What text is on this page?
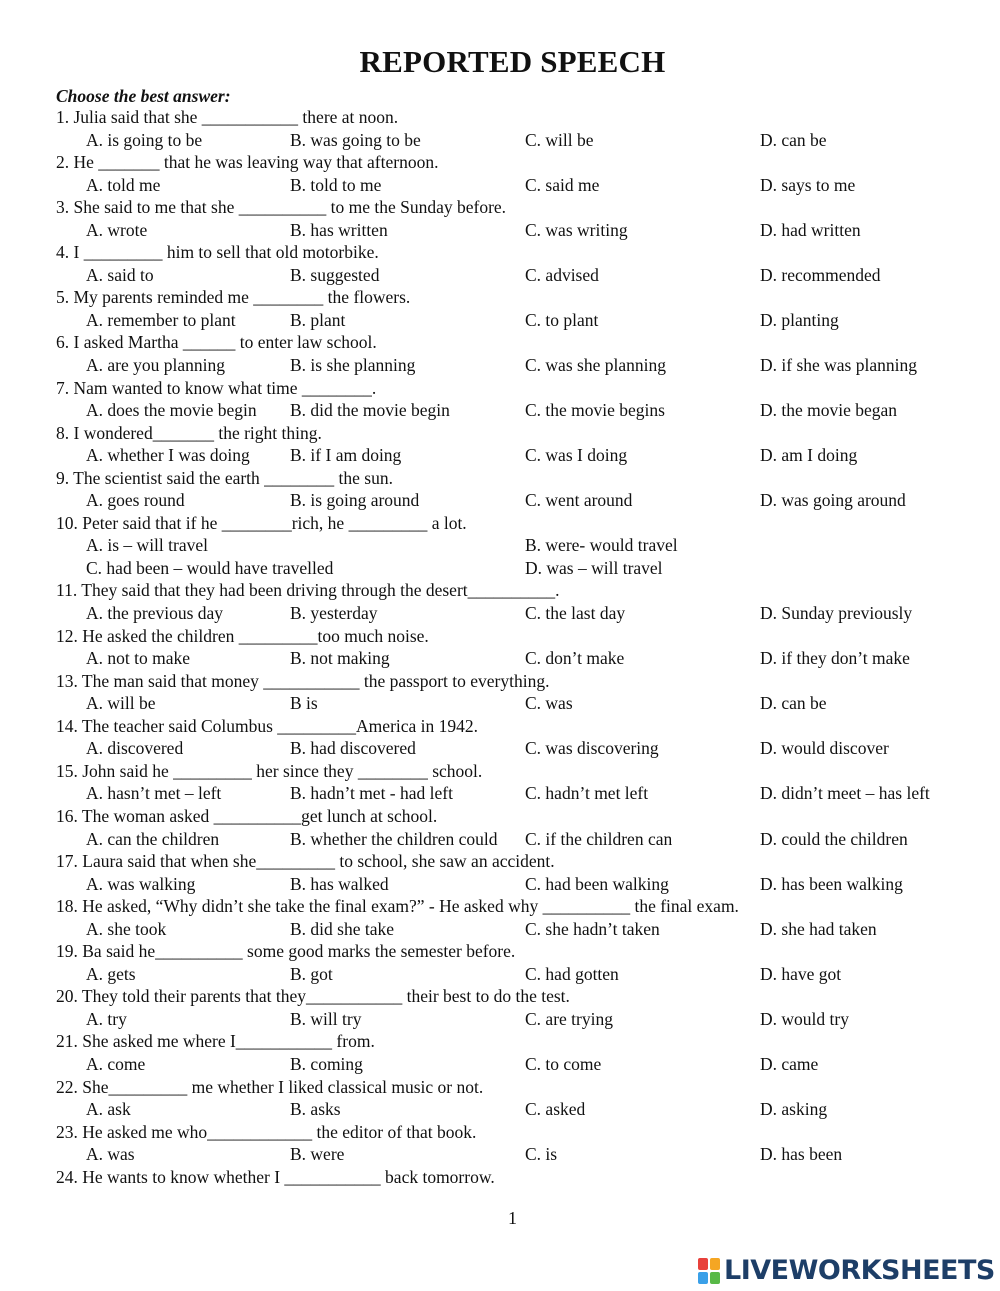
REPORTED SPEECH

Choose the best answer:

1. Julia said that she ___________ there at noon.
A. is going to be	B. was going to be	C. will be	D. can be
2. He _______ that he was leaving way that afternoon.
A. told me	B. told to me	C. said me	D. says to me
3. She said to me that she __________ to me the Sunday before.
A. wrote	B. has written	C. was writing	D. had written
4. I _________ him to sell that old motorbike.
A. said to	B. suggested	C. advised	D. recommended
5. My parents reminded me ________ the flowers.
A. remember to plant	B. plant	C. to plant	D. planting
6. I asked Martha ______ to enter law school.
A. are you planning	B. is she planning	C. was she planning	D. if she was planning
7. Nam wanted to know what time ________.
A. does the movie begin B. did the movie begin	C. the movie begins	D. the movie began
8. I wondered_______ the right thing.
A. whether I was doing B. if I am doing	C. was I doing	D. am I doing
9. The scientist said the earth ________ the sun.
A. goes round	B. is going around	C. went around	D. was going around
10. Peter said that if he ________rich, he _________ a lot.
A. is – will travel	B. were- would travel
C. had been – would have travelled	D. was – will travel
11. They said that they had been driving through the desert__________.
A. the previous day	B. yesterday	C. the last day	D. Sunday previously
12. He asked the children _________too much noise.
A. not to make	B. not making	C. don’t make	D. if they don’t make
13. The man said that money ___________ the passport to everything.
A. will be	B is	C. was	D. can be
14. The teacher said Columbus _________America in 1942.
A. discovered	B. had discovered	C. was discovering	D. would discover
15. John said he _________ her since they ________ school.
A. hasn’t met – left	B. hadn’t met - had left	C. hadn’t met left	D. didn’t meet – has left
16. The woman asked __________get lunch at school.
A. can the children	B. whether the children could C. if the children can	D. could the children
17. Laura said that when she_________ to school, she saw an accident.
A. was walking	B. has walked	C. had been walking	D. has been walking
18. He asked, “Why didn’t she take the final exam?” - He asked why __________ the final exam.
A. she took	B. did she take	C. she hadn’t taken	D. she had taken
19. Ba said he__________ some good marks the semester before.
A. gets	B. got	C. had gotten	D. have got
20. They told their parents that they___________ their best to do the test.
A. try	B. will try	C. are trying	D. would try
21. She asked me where I___________ from.
A. come	B. coming	C. to come	D. came
22. She_________ me whether I liked classical music or not.
A. ask	B. asks	C. asked	D. asking
23. He asked me who____________ the editor of that book.
A. was	B. were	C. is	D. has been
24. He wants to know whether I ___________ back tomorrow.

1

LIVEWORKSHEETS
